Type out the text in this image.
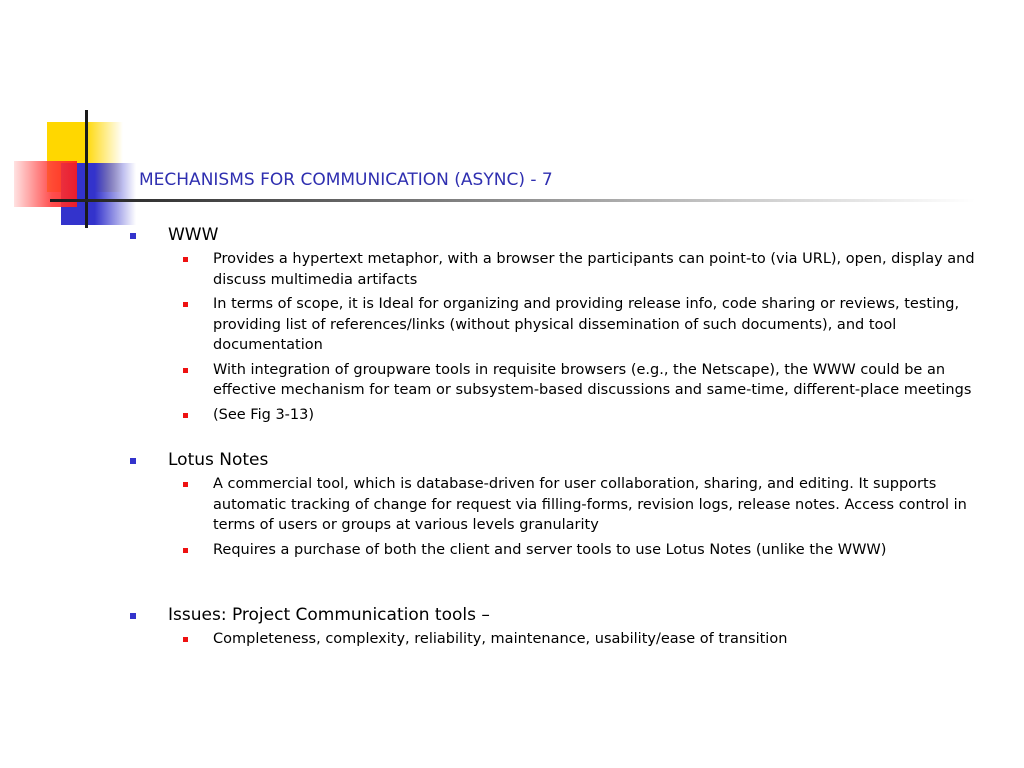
MECHANISMS FOR COMMUNICATION (ASYNC) - 7
WWW
Provides a hypertext metaphor, with a browser the participants can point-to (via URL), open, display and discuss multimedia artifacts
In terms of scope, it is Ideal for organizing and providing release info, code sharing or reviews, testing, providing list of references/links (without physical dissemination of such documents), and tool documentation
With integration of groupware tools in requisite browsers (e.g., the Netscape), the WWW could be an effective mechanism for team or subsystem-based discussions and same-time, different-place meetings
(See Fig 3-13)
Lotus Notes
A commercial tool, which is database-driven for user collaboration, sharing, and editing. It supports automatic tracking of change for request via filling-forms, revision logs, release notes. Access control in terms of users or groups at various levels granularity
Requires a purchase of both the client and server tools to use Lotus Notes (unlike the WWW)
Issues: Project Communication tools –
Completeness, complexity, reliability, maintenance, usability/ease of transition
